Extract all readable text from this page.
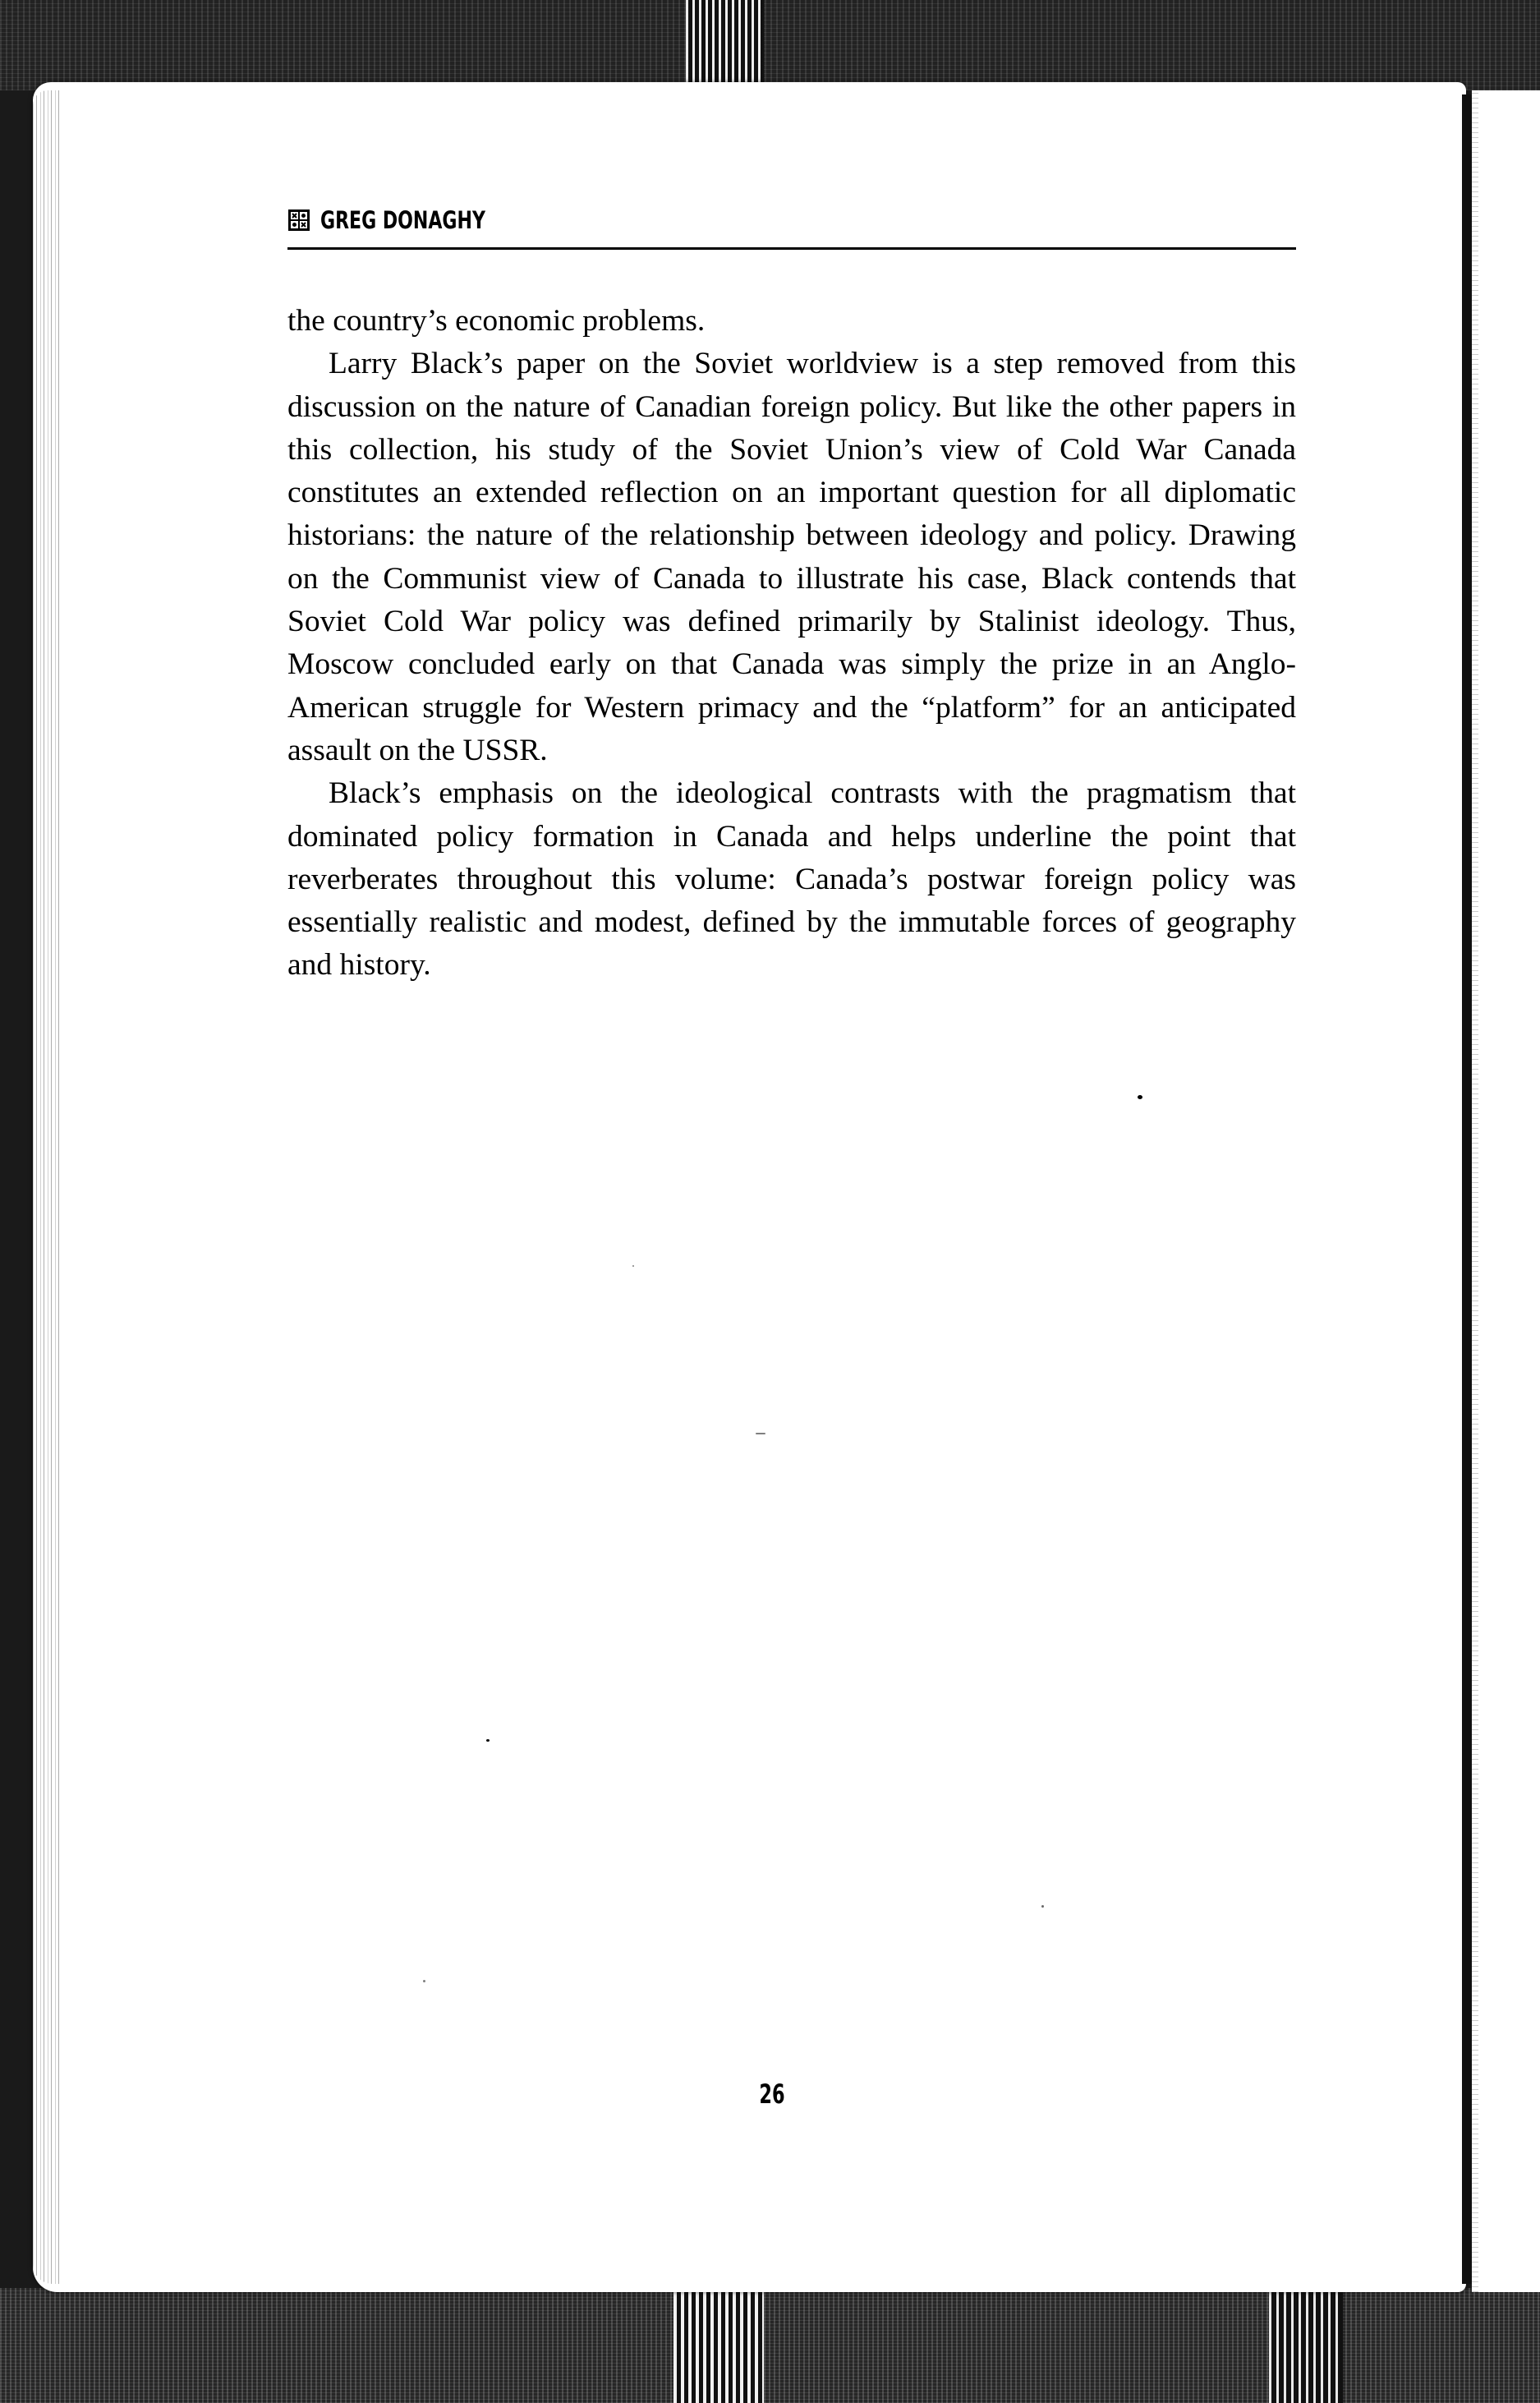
GREG DONAGHY

the country’s economic problems.

Larry Black’s paper on the Soviet worldview is a step removed from this discussion on the nature of Canadian foreign policy. But like the other papers in this collection, his study of the Soviet Union’s view of Cold War Canada constitutes an extended reflection on an important question for all diplomatic historians: the nature of the relationship between ideology and policy. Drawing on the Communist view of Canada to illustrate his case, Black contends that Soviet Cold War policy was defined primarily by Stalinist ideology. Thus, Moscow concluded early on that Canada was simply the prize in an Anglo-American struggle for Western primacy and the “platform” for an anticipated assault on the USSR.

Black’s emphasis on the ideological contrasts with the pragmatism that dominated policy formation in Canada and helps underline the point that reverberates throughout this volume: Canada’s postwar foreign policy was essentially realistic and modest, defined by the immutable forces of geography and history.

26
